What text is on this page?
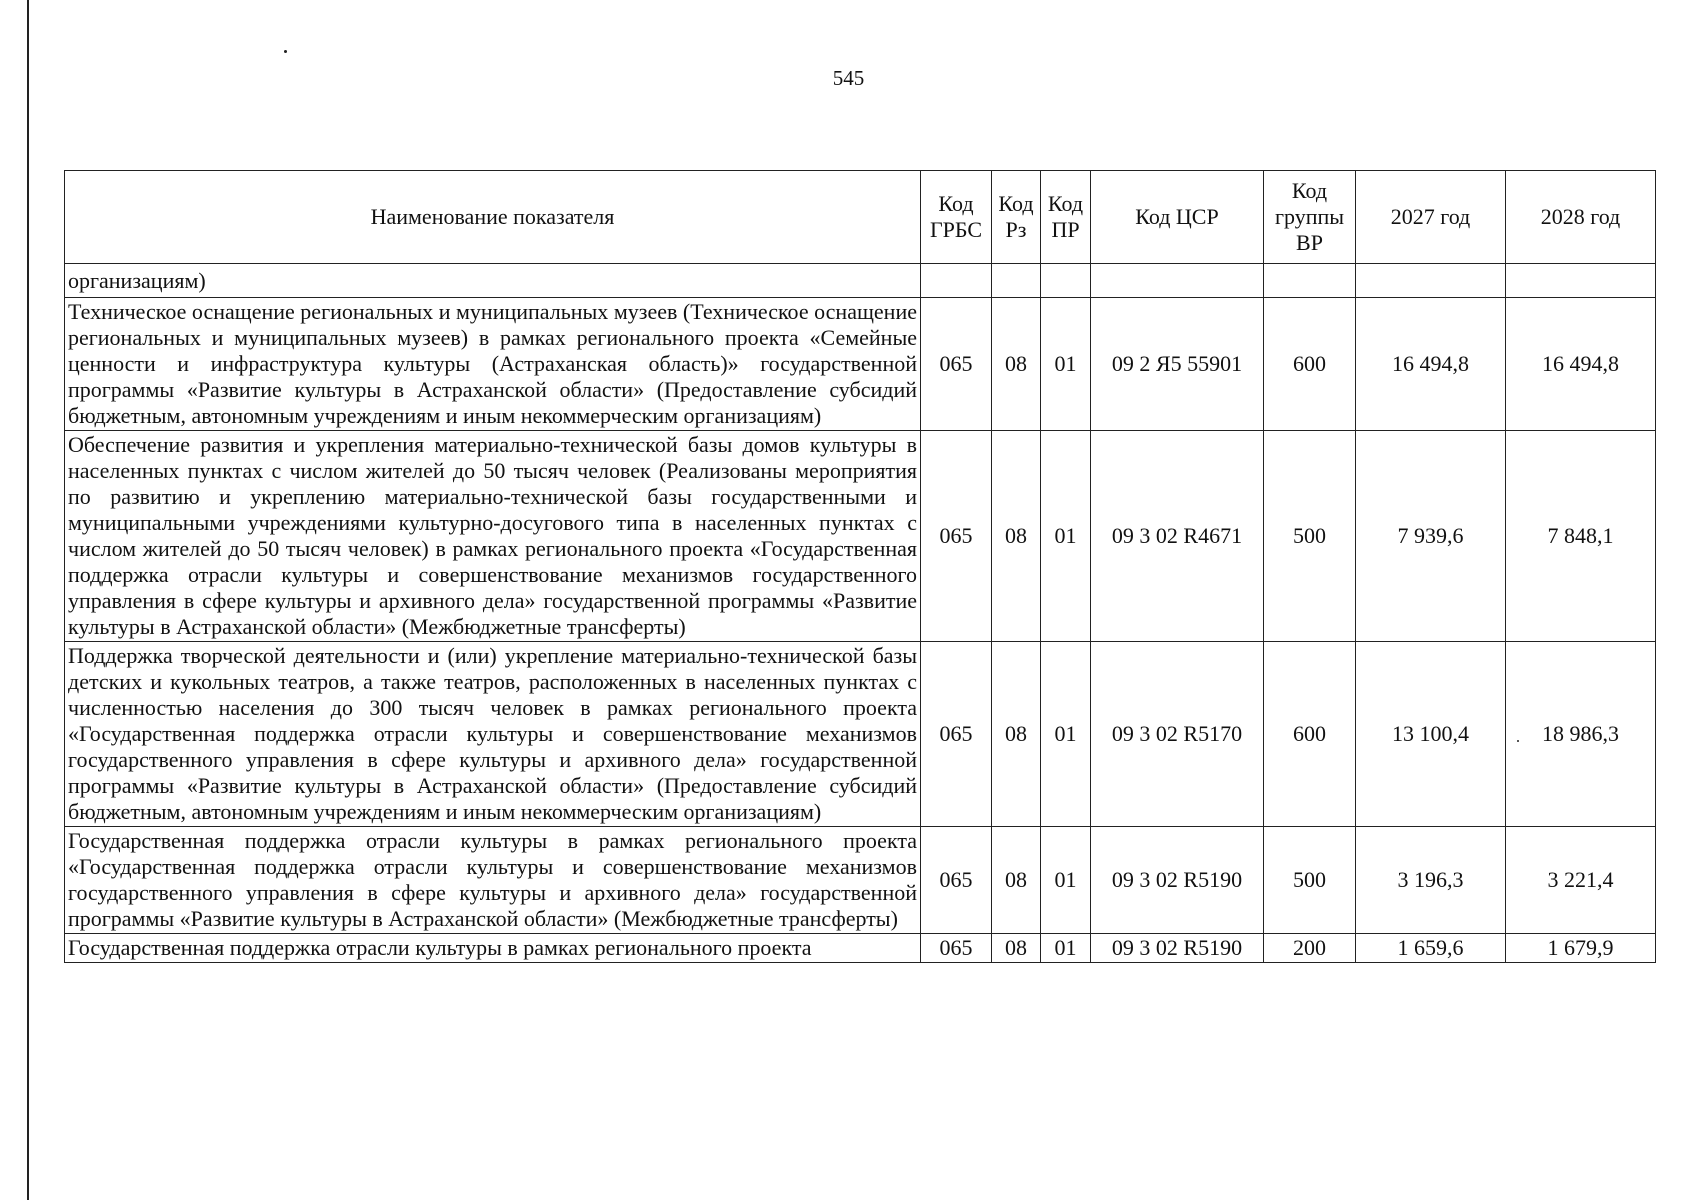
545
Наименование показателя	Код ГРБС	Код Рз	Код ПР	Код ЦСР	Код группы ВР	2027 год	2028 год
организациям)							
Техническое оснащение региональных и муниципальных музеев (Техническое оснащение региональных и муниципальных музеев) в рамках регионального проекта «Семейные ценности и инфраструктура культуры (Астраханская область)» государственной программы «Развитие культуры в Астраханской области» (Предоставление субсидий бюджетным, автономным учреждениям и иным некоммерческим организациям)	065	08	01	09 2 Я5 55901	600	16 494,8	16 494,8
Обеспечение развития и укрепления материально-технической базы домов культуры в населенных пунктах с числом жителей до 50 тысяч человек (Реализованы мероприятия по развитию и укреплению материально-технической базы государственными и муниципальными учреждениями культурно-досугового типа в населенных пунктах с числом жителей до 50 тысяч человек) в рамках регионального проекта «Государственная поддержка отрасли культуры и совершенствование механизмов государственного управления в сфере культуры и архивного дела» государственной программы «Развитие культуры в Астраханской области» (Межбюджетные трансферты)	065	08	01	09 3 02 R4671	500	7 939,6	7 848,1
Поддержка творческой деятельности и (или) укрепление материально-технической базы детских и кукольных театров, а также театров, расположенных в населенных пунктах с численностью населения до 300 тысяч человек в рамках регионального проекта «Государственная поддержка отрасли культуры и совершенствование механизмов государственного управления в сфере культуры и архивного дела» государственной программы «Развитие культуры в Астраханской области» (Предоставление субсидий бюджетным, автономным учреждениям и иным некоммерческим организациям)	065	08	01	09 3 02 R5170	600	13 100,4	18 986,3
Государственная поддержка отрасли культуры в рамках регионального проекта «Государственная поддержка отрасли культуры и совершенствование механизмов государственного управления в сфере культуры и архивного дела» государственной программы «Развитие культуры в Астраханской области» (Межбюджетные трансферты)	065	08	01	09 3 02 R5190	500	3 196,3	3 221,4
Государственная поддержка отрасли культуры в рамках регионального проекта	065	08	01	09 3 02 R5190	200	1 659,6	1 679,9
